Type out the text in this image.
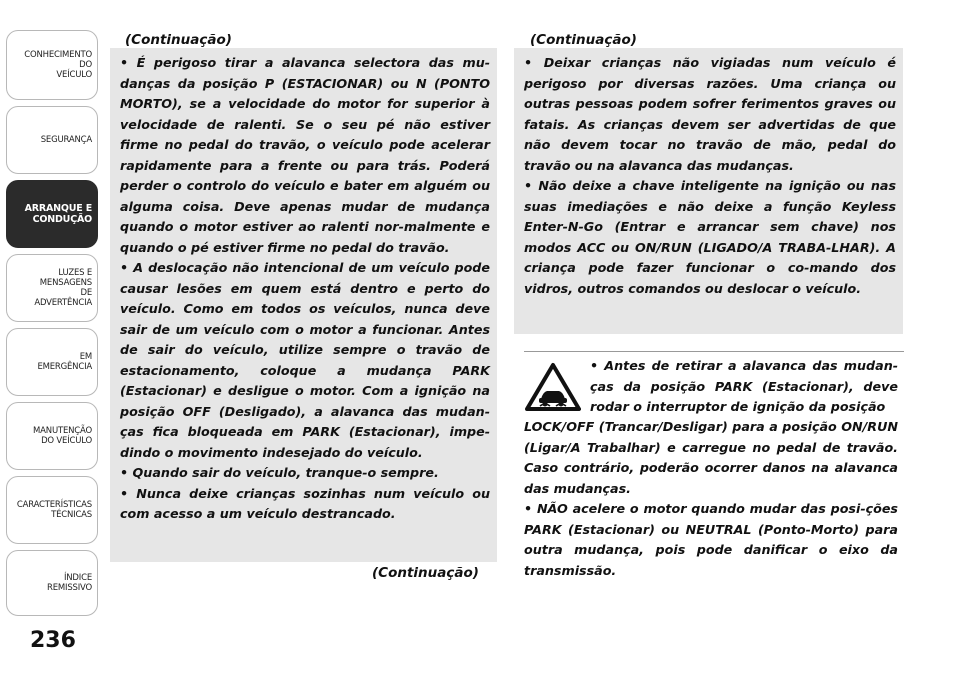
CONHECIMENTO
DO
VEÍCULO
SEGURANÇA
ARRANQUE E
CONDUÇÃO
LUZES E
MENSAGENS
DE
ADVERTÊNCIA
EM
EMERGÊNCIA
MANUTENÇÃO
DO VEÍCULO
CARACTERÍSTICAS
TÉCNICAS
ÍNDICE
REMISSIVO
236
(Continuação)

• É perigoso tirar a alavanca selectora das mu-danças da posição P (ESTACIONAR) ou N (PONTO MORTO), se a velocidade do motor for superior à velocidade de ralenti. Se o seu pé não estiver firme no pedal do travão, o veículo pode acelerar rapidamente para a frente ou para trás. Poderá perder o controlo do veículo e bater em alguém ou alguma coisa. Deve apenas mudar de mudança quando o motor estiver ao ralenti nor-malmente e quando o pé estiver firme no pedal do travão.

• A deslocação não intencional de um veículo pode causar lesões em quem está dentro e perto do veículo. Como em todos os veículos, nunca deve sair de um veículo com o motor a funcionar. Antes de sair do veículo, utilize sempre o travão de estacionamento, coloque a mudança PARK (Estacionar) e desligue o motor. Com a ignição na posição OFF (Desligado), a alavanca das mudan-ças fica bloqueada em PARK (Estacionar), impe-dindo o movimento indesejado do veículo.

• Quando sair do veículo, tranque-o sempre.

• Nunca deixe crianças sozinhas num veículo ou com acesso a um veículo destrancado.

(Continuação)
(Continuação)

• Deixar crianças não vigiadas num veículo é perigoso por diversas razões. Uma criança ou outras pessoas podem sofrer ferimentos graves ou fatais. As crianças devem ser advertidas de que não devem tocar no travão de mão, pedal do travão ou na alavanca das mudanças.

• Não deixe a chave inteligente na ignição ou nas suas imediações e não deixe a função Keyless Enter-N-Go (Entrar e arrancar sem chave) nos modos ACC ou ON/RUN (LIGADO/A TRABA-LHAR). A criança pode fazer funcionar o co-mando dos vidros, outros comandos ou deslocar o veículo.

• Antes de retirar a alavanca das mudan-ças da posição PARK (Estacionar), deve rodar o interruptor de ignição da posição

LOCK/OFF (Trancar/Desligar) para a posição ON/RUN (Ligar/A Trabalhar) e carregue no pedal de travão. Caso contrário, poderão ocorrer danos na alavanca das mudanças.

• NÃO acelere o motor quando mudar das posi-ções PARK (Estacionar) ou NEUTRAL (Ponto-Morto) para outra mudança, pois pode danificar o eixo da transmissão.
